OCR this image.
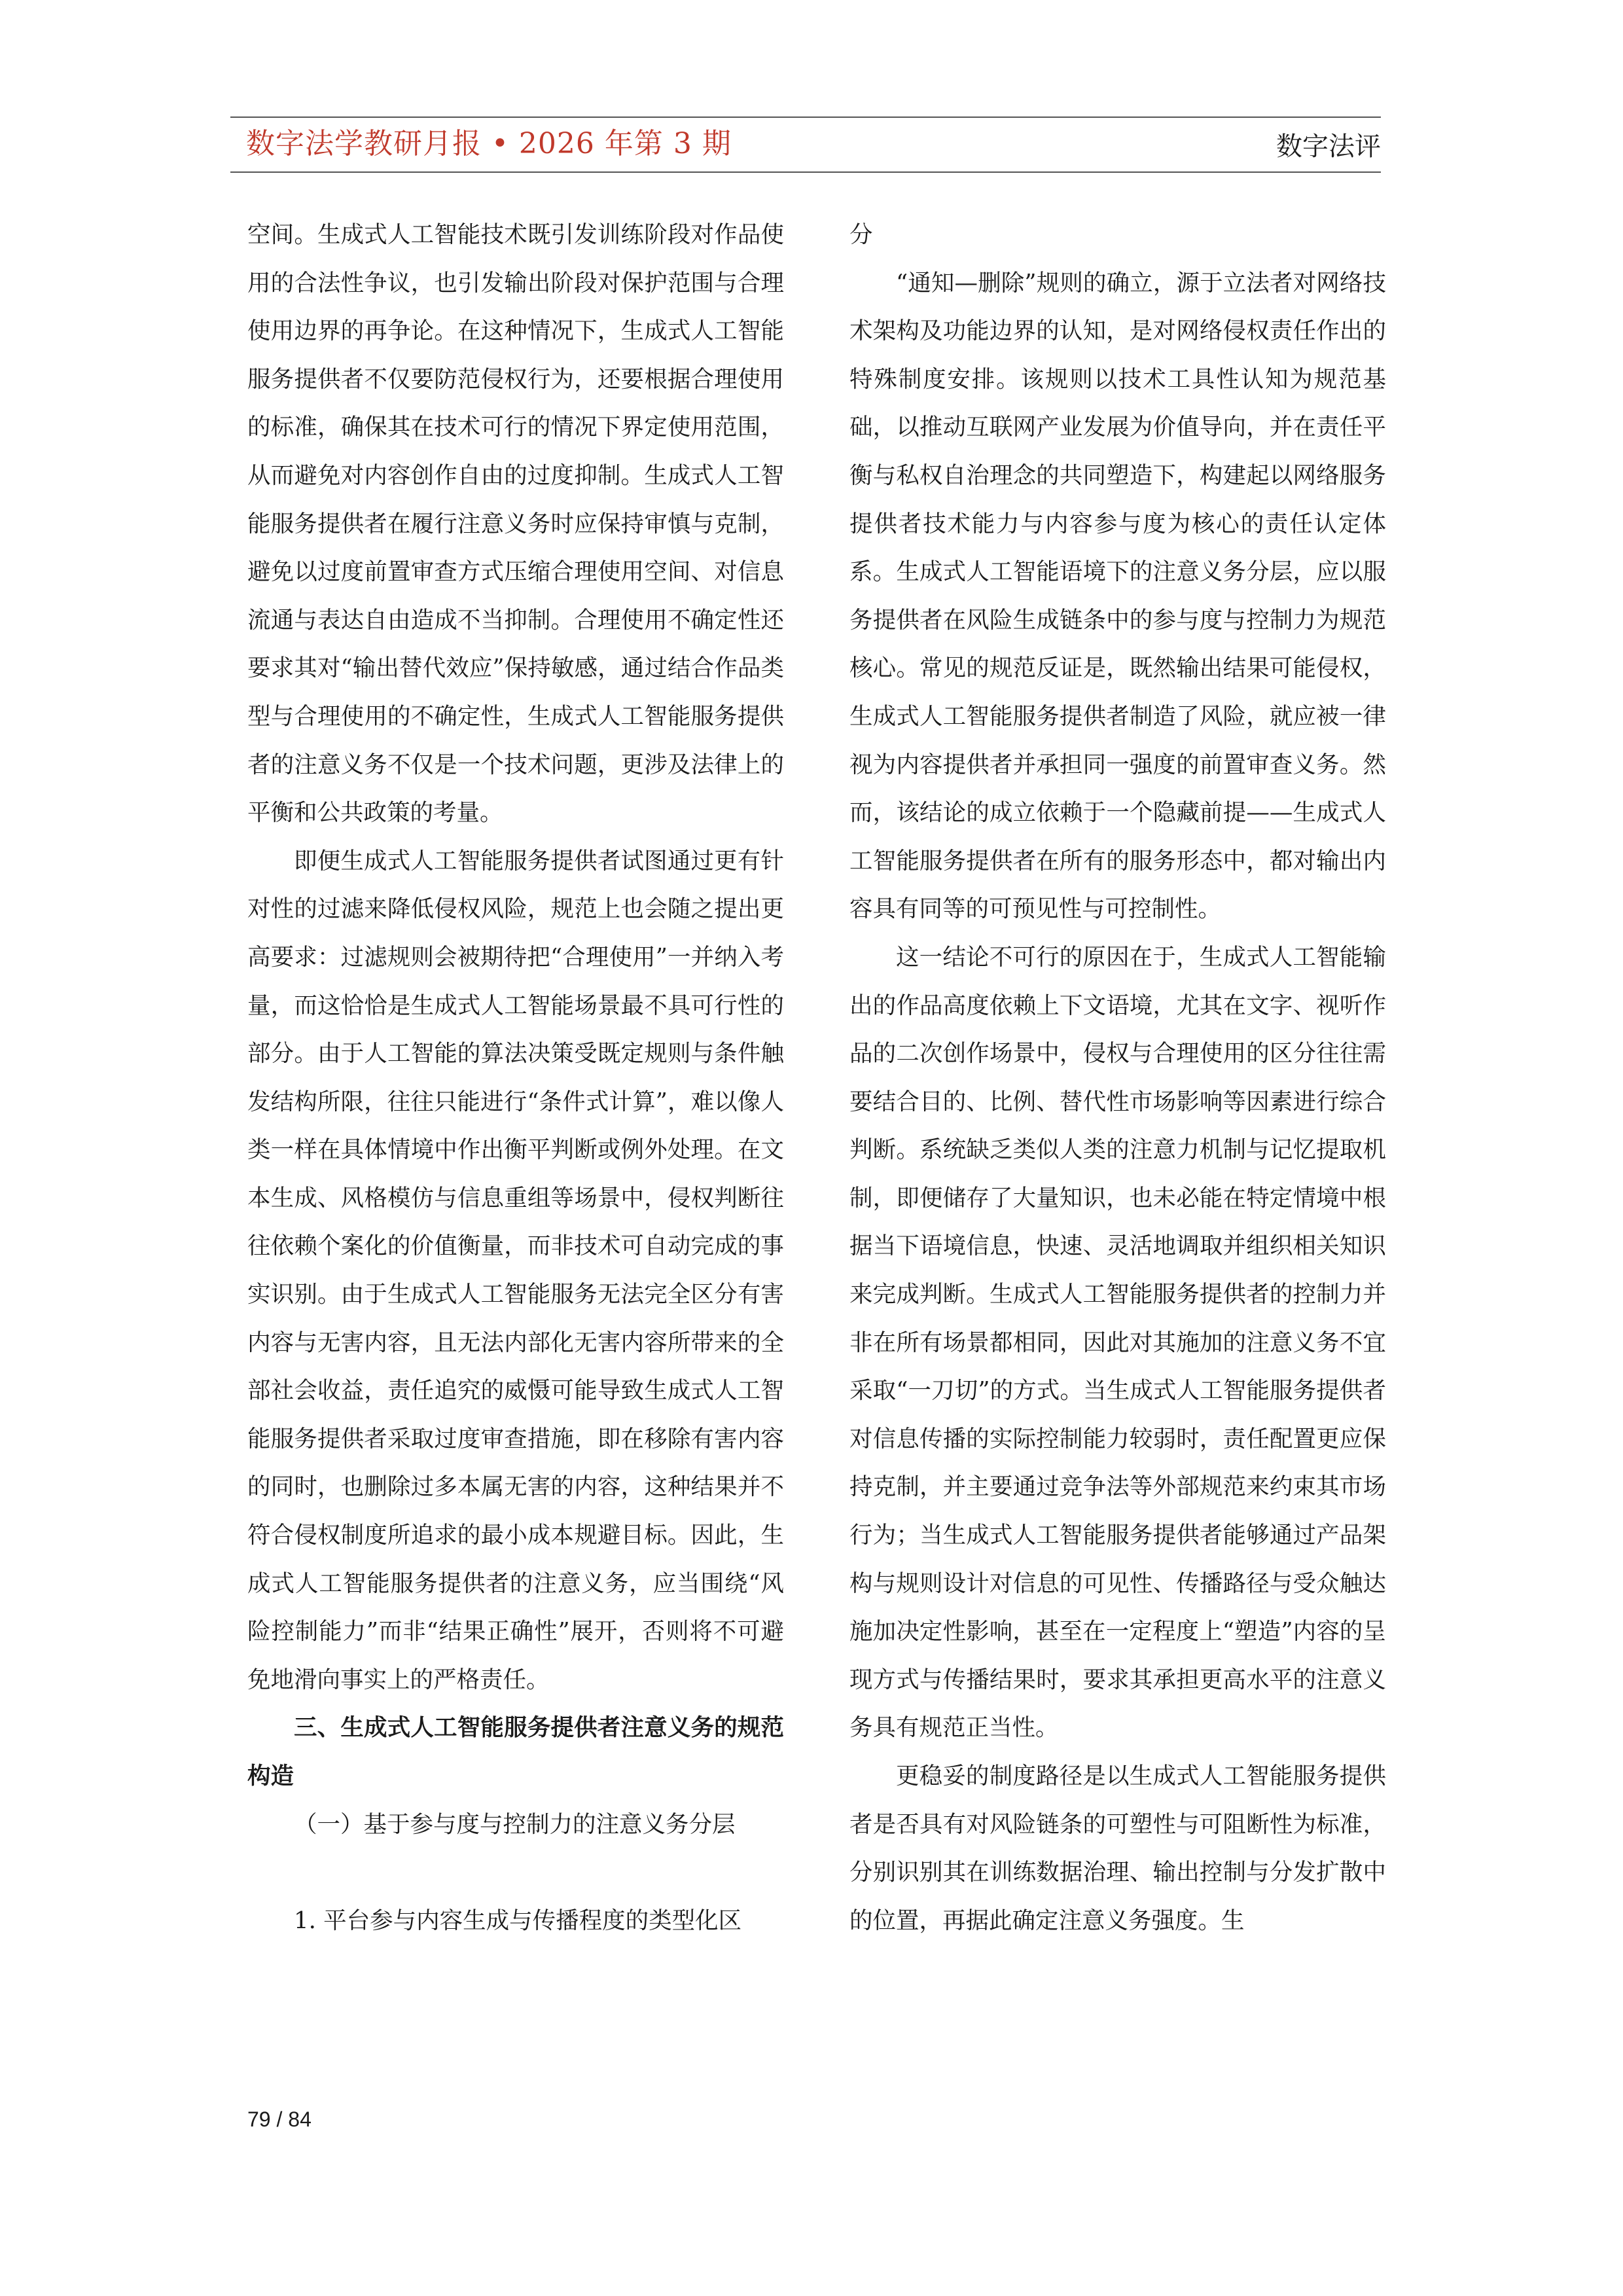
数字法学教研月报 • 2026 年第 3 期	数字法评

空间。生成式人工智能技术既引发训练阶段对作品使用的合法性争议，也引发输出阶段对保护范围与合理使用边界的再争论。在这种情况下，生成式人工智能服务提供者不仅要防范侵权行为，还要根据合理使用的标准，确保其在技术可行的情况下界定使用范围，从而避免对内容创作自由的过度抑制。生成式人工智能服务提供者在履行注意义务时应保持审慎与克制，避免以过度前置审查方式压缩合理使用空间、对信息流通与表达自由造成不当抑制。合理使用不确定性还要求其对“输出替代效应”保持敏感，通过结合作品类型与合理使用的不确定性，生成式人工智能服务提供者的注意义务不仅是一个技术问题，更涉及法律上的平衡和公共政策的考量。

即便生成式人工智能服务提供者试图通过更有针对性的过滤来降低侵权风险，规范上也会随之提出更高要求：过滤规则会被期待把“合理使用”一并纳入考量，而这恰恰是生成式人工智能场景最不具可行性的部分。由于人工智能的算法决策受既定规则与条件触发结构所限，往往只能进行“条件式计算”，难以像人类一样在具体情境中作出衡平判断或例外处理。在文本生成、风格模仿与信息重组等场景中，侵权判断往往依赖个案化的价值衡量，而非技术可自动完成的事实识别。由于生成式人工智能服务无法完全区分有害内容与无害内容，且无法内部化无害内容所带来的全部社会收益，责任追究的威慑可能导致生成式人工智能服务提供者采取过度审查措施，即在移除有害内容的同时，也删除过多本属无害的内容，这种结果并不符合侵权制度所追求的最小成本规避目标。因此，生成式人工智能服务提供者的注意义务，应当围绕“风险控制能力”而非“结果正确性”展开，否则将不可避免地滑向事实上的严格责任。

三、生成式人工智能服务提供者注意义务的规范构造

（一）基于参与度与控制力的注意义务分层

1. 平台参与内容生成与传播程度的类型化区

分

“通知—删除”规则的确立，源于立法者对网络技术架构及功能边界的认知，是对网络侵权责任作出的特殊制度安排。该规则以技术工具性认知为规范基础，以推动互联网产业发展为价值导向，并在责任平衡与私权自治理念的共同塑造下，构建起以网络服务提供者技术能力与内容参与度为核心的责任认定体系。生成式人工智能语境下的注意义务分层，应以服务提供者在风险生成链条中的参与度与控制力为规范核心。常见的规范反证是，既然输出结果可能侵权，生成式人工智能服务提供者制造了风险，就应被一律视为内容提供者并承担同一强度的前置审查义务。然而，该结论的成立依赖于一个隐藏前提——生成式人工智能服务提供者在所有的服务形态中，都对输出内容具有同等的可预见性与可控制性。

这一结论不可行的原因在于，生成式人工智能输出的作品高度依赖上下文语境，尤其在文字、视听作品的二次创作场景中，侵权与合理使用的区分往往需要结合目的、比例、替代性市场影响等因素进行综合判断。系统缺乏类似人类的注意力机制与记忆提取机制，即便储存了大量知识，也未必能在特定情境中根据当下语境信息，快速、灵活地调取并组织相关知识来完成判断。生成式人工智能服务提供者的控制力并非在所有场景都相同，因此对其施加的注意义务不宜采取“一刀切”的方式。当生成式人工智能服务提供者对信息传播的实际控制能力较弱时，责任配置更应保持克制，并主要通过竞争法等外部规范来约束其市场行为；当生成式人工智能服务提供者能够通过产品架构与规则设计对信息的可见性、传播路径与受众触达施加决定性影响，甚至在一定程度上“塑造”内容的呈现方式与传播结果时，要求其承担更高水平的注意义务具有规范正当性。

更稳妥的制度路径是以生成式人工智能服务提供者是否具有对风险链条的可塑性与可阻断性为标准，分别识别其在训练数据治理、输出控制与分发扩散中的位置，再据此确定注意义务强度。生

79 / 84
